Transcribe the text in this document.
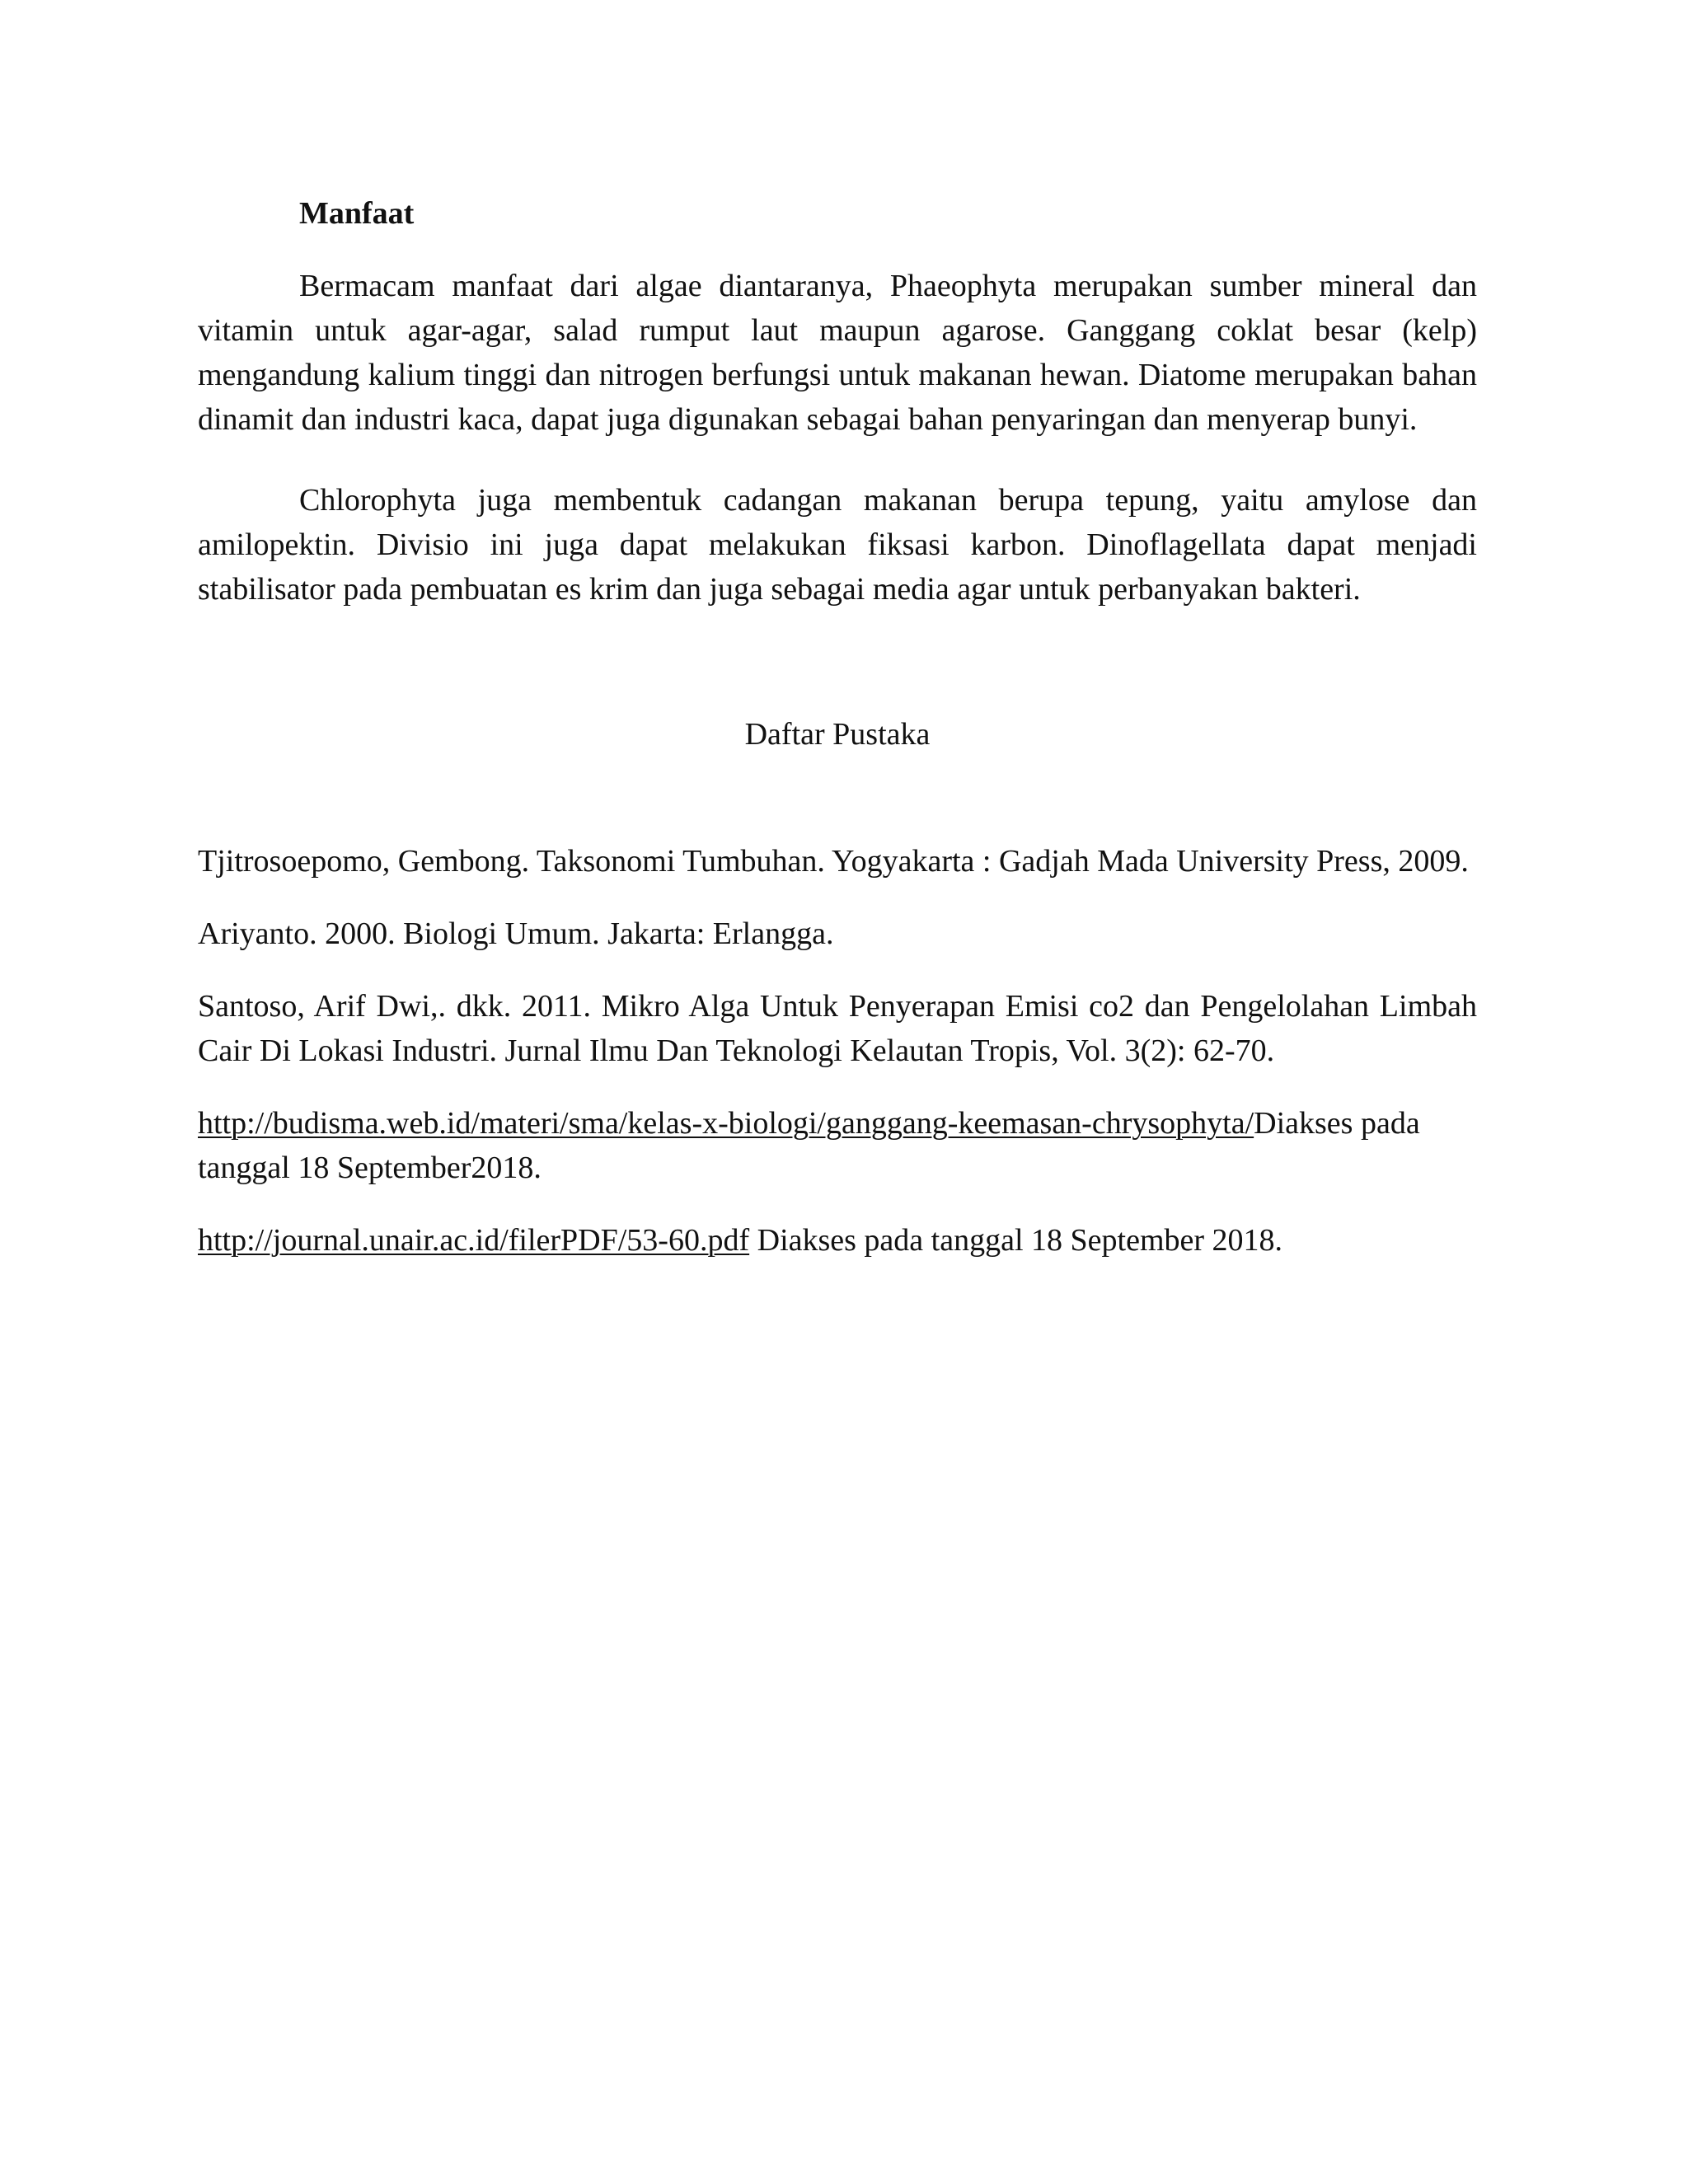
Manfaat

Bermacam manfaat dari algae diantaranya, Phaeophyta merupakan sumber mineral dan vitamin untuk agar-agar, salad rumput laut maupun agarose. Ganggang coklat besar (kelp) mengandung kalium tinggi dan nitrogen berfungsi untuk makanan hewan. Diatome merupakan bahan dinamit dan industri kaca, dapat juga digunakan sebagai bahan penyaringan dan menyerap bunyi.

Chlorophyta juga membentuk cadangan makanan berupa tepung, yaitu amylose dan amilopektin. Divisio ini juga dapat melakukan fiksasi karbon. Dinoflagellata dapat menjadi stabilisator pada pembuatan es krim dan juga sebagai media agar untuk perbanyakan bakteri.

Daftar Pustaka

Tjitrosoepomo, Gembong. Taksonomi Tumbuhan. Yogyakarta : Gadjah Mada University Press, 2009.

Ariyanto. 2000. Biologi Umum. Jakarta: Erlangga.

Santoso, Arif Dwi,. dkk. 2011. Mikro Alga Untuk Penyerapan Emisi co2 dan Pengelolahan Limbah Cair Di Lokasi Industri. Jurnal Ilmu Dan Teknologi Kelautan Tropis, Vol. 3(2): 62-70.

http://budisma.web.id/materi/sma/kelas-x-biologi/ganggang-keemasan-chrysophyta/Diakses pada tanggal 18 September2018.

http://journal.unair.ac.id/filerPDF/53-60.pdf Diakses pada tanggal 18 September 2018.
